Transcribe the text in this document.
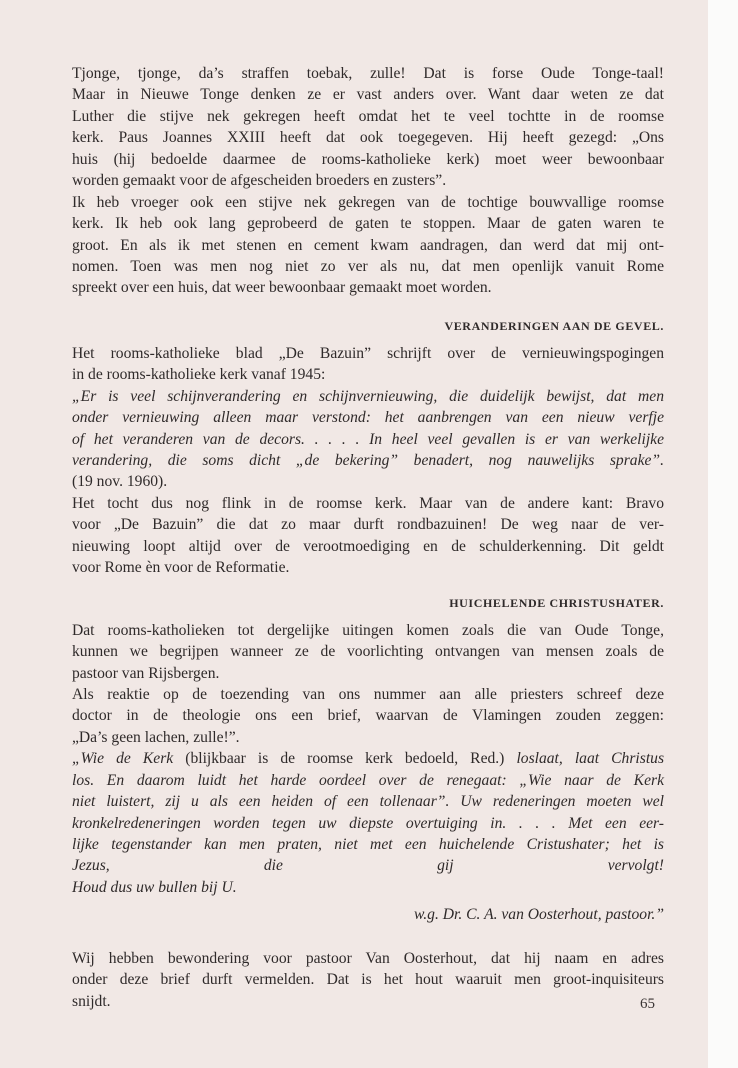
Tjonge, tjonge, da’s straffen toebak, zulle! Dat is forse Oude Tonge-taal!
Maar in Nieuwe Tonge denken ze er vast anders over. Want daar weten ze dat
Luther die stijve nek gekregen heeft omdat het te veel tochtte in de roomse
kerk. Paus Joannes XXIII heeft dat ook toegegeven. Hij heeft gezegd: „Ons
huis (hij bedoelde daarmee de rooms-katholieke kerk) moet weer bewoonbaar
worden gemaakt voor de afgescheiden broeders en zusters”.
Ik heb vroeger ook een stijve nek gekregen van de tochtige bouwvallige roomse
kerk. Ik heb ook lang geprobeerd de gaten te stoppen. Maar de gaten waren te
groot. En als ik met stenen en cement kwam aandragen, dan werd dat mij ont-
nomen. Toen was men nog niet zo ver als nu, dat men openlijk vanuit Rome
spreekt over een huis, dat weer bewoonbaar gemaakt moet worden.
VERANDERINGEN AAN DE GEVEL.
Het rooms-katholieke blad „De Bazuin” schrijft over de vernieuwingspogingen
in de rooms-katholieke kerk vanaf 1945:
„Er is veel schijnverandering en schijnvernieuwing, die duidelijk bewijst, dat men
onder vernieuwing alleen maar verstond: het aanbrengen van een nieuw verfje
of het veranderen van de decors. . . . . In heel veel gevallen is er van werkelijke
verandering, die soms dicht „de bekering” benadert, nog nauwelijks sprake”.
(19 nov. 1960).
Het tocht dus nog flink in de roomse kerk. Maar van de andere kant: Bravo
voor „De Bazuin” die dat zo maar durft rondbazuinen! De weg naar de ver-
nieuwing loopt altijd over de verootmoediging en de schulderkenning. Dit geldt
voor Rome èn voor de Reformatie.
HUICHELENDE CHRISTUSHATER.
Dat rooms-katholieken tot dergelijke uitingen komen zoals die van Oude Tonge,
kunnen we begrijpen wanneer ze de voorlichting ontvangen van mensen zoals de
pastoor van Rijsbergen.
Als reaktie op de toezending van ons nummer aan alle priesters schreef deze
doctor in de theologie ons een brief, waarvan de Vlamingen zouden zeggen:
„Da’s geen lachen, zulle!”.
„Wie de Kerk (blijkbaar is de roomse kerk bedoeld, Red.) loslaat, laat Christus
los. En daarom luidt het harde oordeel over de renegaat: „Wie naar de Kerk
niet luistert, zij u als een heiden of een tollenaar”. Uw redeneringen moeten wel
kronkelredeneringen worden tegen uw diepste overtuiging in. . . . Met een eer-
lijke tegenstander kan men praten, niet met een huichelende Cristushater; het is
Jezus, die gij vervolgt!
Houd dus uw bullen bij U.
w.g. Dr. C. A. van Oosterhout, pastoor.”
Wij hebben bewondering voor pastoor Van Oosterhout, dat hij naam en adres
onder deze brief durft vermelden. Dat is het hout waaruit men groot-inquisiteurs
snijdt.	65
